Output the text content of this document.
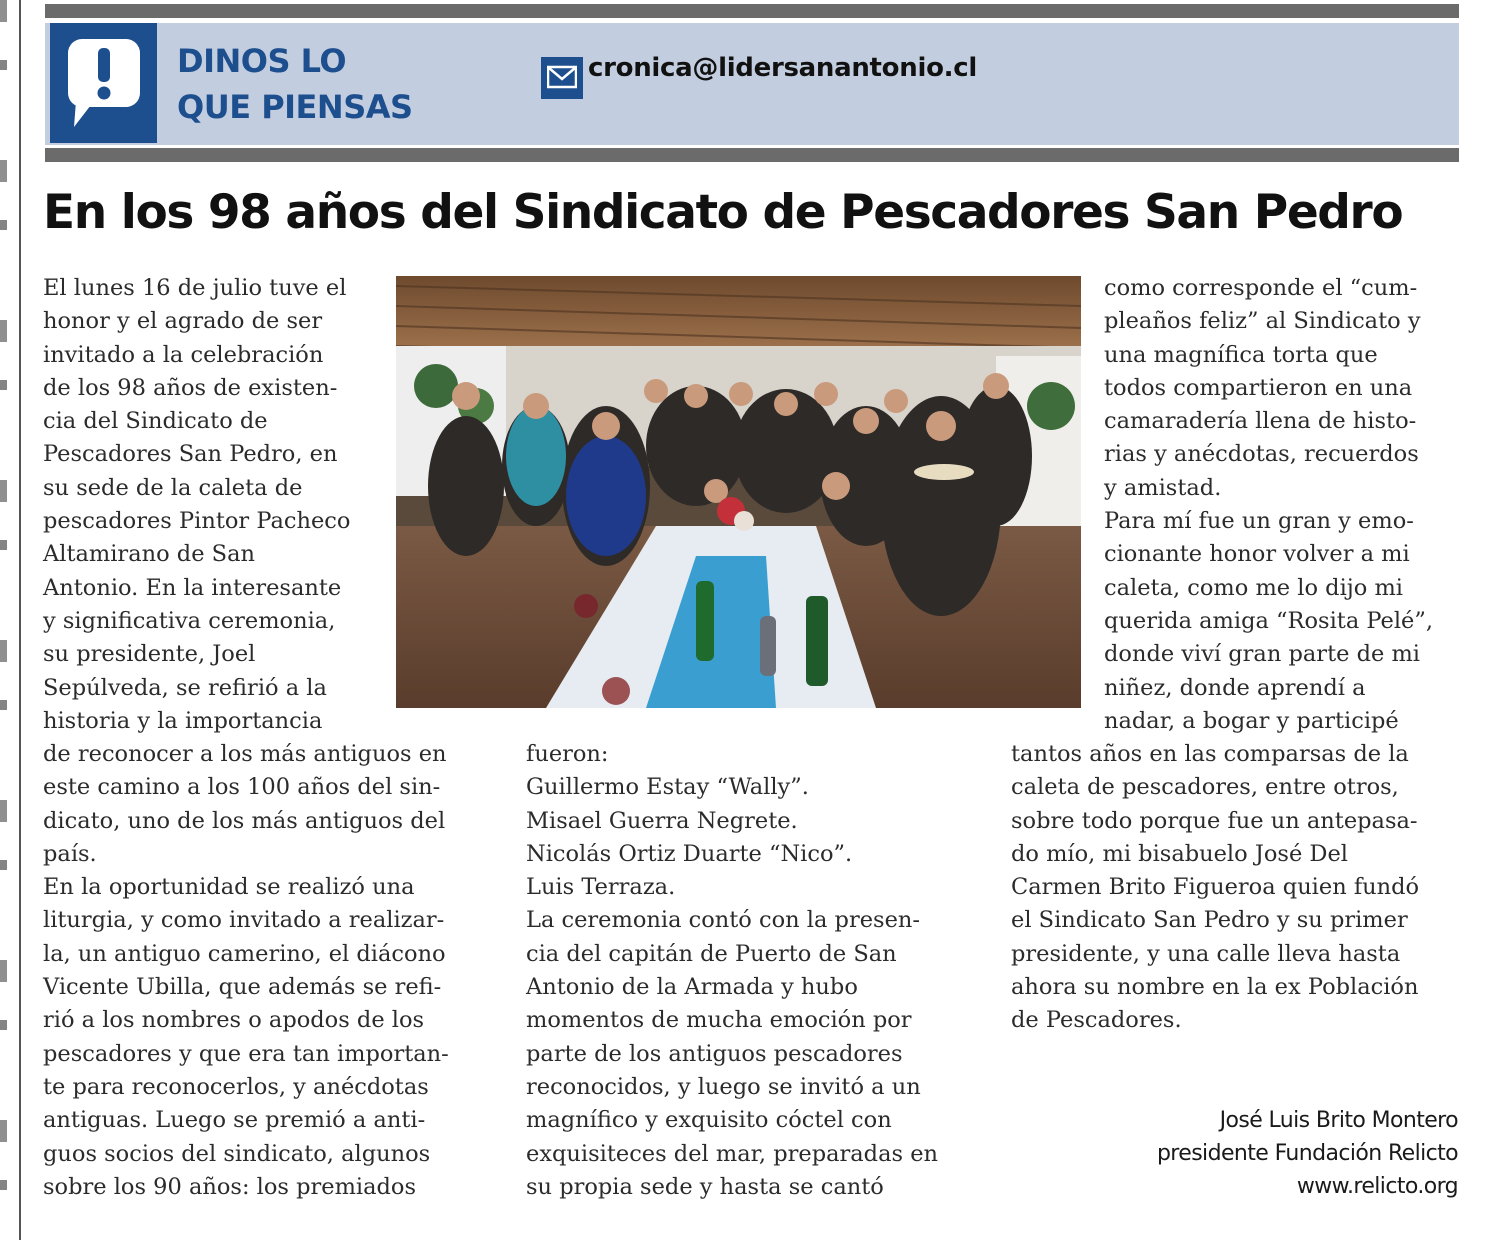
DINOS LO
QUE PIENSAS
cronica@lidersanantonio.cl
En los 98 años del Sindicato de Pescadores San Pedro
El lunes 16 de julio tuve el
honor y el agrado de ser
invitado a la celebración
de los 98 años de existen-
cia del Sindicato de
Pescadores San Pedro, en
su sede de la caleta de
pescadores Pintor Pacheco
Altamirano de San
Antonio. En la interesante
y significativa ceremonia,
su presidente, Joel
Sepúlveda, se refirió a la
historia y la importancia
de reconocer a los más antiguos en
este camino a los 100 años del sin-
dicato, uno de los más antiguos del
país.
En la oportunidad se realizó una
liturgia, y como invitado a realizar-
la, un antiguo camerino, el diácono
Vicente Ubilla, que además se refi-
rió a los nombres o apodos de los
pescadores y que era tan importan-
te para reconocerlos, y anécdotas
antiguas. Luego se premió a anti-
guos socios del sindicato, algunos
sobre los 90 años: los premiados
fueron:
Guillermo Estay “Wally”.
Misael Guerra Negrete.
Nicolás Ortiz Duarte “Nico”.
Luis Terraza.
La ceremonia contó con la presen-
cia del capitán de Puerto de San
Antonio de la Armada y hubo
momentos de mucha emoción por
parte de los antiguos pescadores
reconocidos, y luego se invitó a un
magnífico y exquisito cóctel con
exquisiteces del mar, preparadas en
su propia sede y hasta se cantó
como corresponde el “cum-
pleaños feliz” al Sindicato y
una magnífica torta que
todos compartieron en una
camaradería llena de histo-
rias y anécdotas, recuerdos
y amistad.
Para mí fue un gran y emo-
cionante honor volver a mi
caleta, como me lo dijo mi
querida amiga “Rosita Pelé”,
donde viví gran parte de mi
niñez, donde aprendí a
nadar, a bogar y participé
tantos años en las comparsas de la
caleta de pescadores, entre otros,
sobre todo porque fue un antepasa-
do mío, mi bisabuelo José Del
Carmen Brito Figueroa quien fundó
el Sindicato San Pedro y su primer
presidente, y una calle lleva hasta
ahora su nombre en la ex Población
de Pescadores.
José Luis Brito Montero
presidente Fundación Relicto
www.relicto.org
